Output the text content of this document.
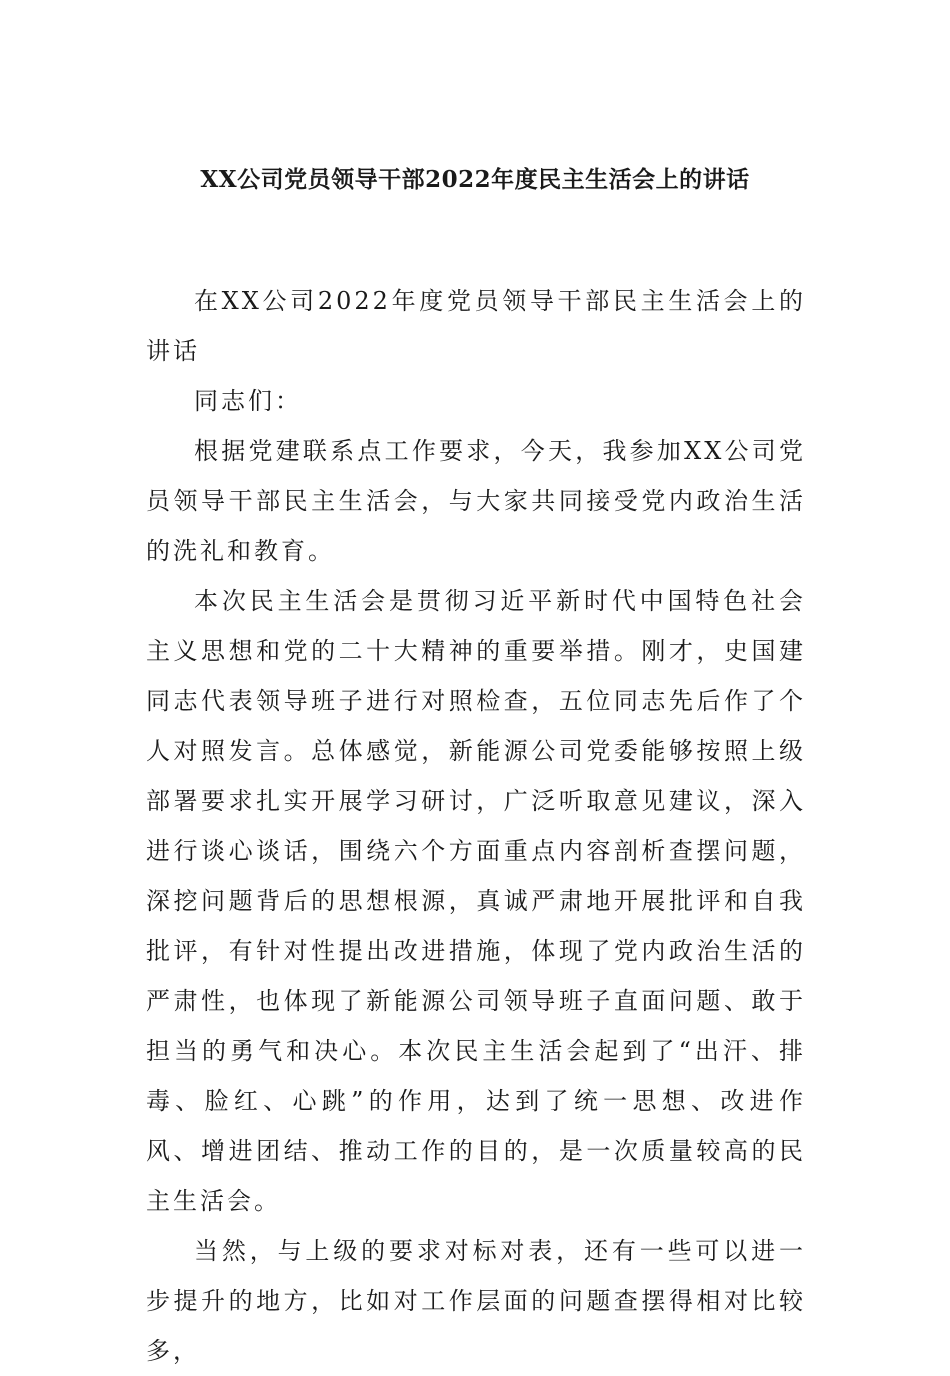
XX公司党员领导干部2022年度民主生活会上的讲话

在XX公司2022年度党员领导干部民主生活会上的讲话

同志们：

根据党建联系点工作要求，今天，我参加XX公司党员领导干部民主生活会，与大家共同接受党内政治生活的洗礼和教育。

本次民主生活会是贯彻习近平新时代中国特色社会主义思想和党的二十大精神的重要举措。刚才，史国建同志代表领导班子进行对照检查，五位同志先后作了个人对照发言。总体感觉，新能源公司党委能够按照上级部署要求扎实开展学习研讨，广泛听取意见建议，深入进行谈心谈话，围绕六个方面重点内容剖析查摆问题，深挖问题背后的思想根源，真诚严肃地开展批评和自我批评，有针对性提出改进措施，体现了党内政治生活的严肃性，也体现了新能源公司领导班子直面问题、敢于担当的勇气和决心。本次民主生活会起到了“出汗、排毒、脸红、心跳”的作用，达到了统一思想、改进作风、增进团结、推动工作的目的，是一次质量较高的民主生活会。

当然，与上级的要求对标对表，还有一些可以进一步提升的地方，比如对工作层面的问题查摆得相对比较多，
